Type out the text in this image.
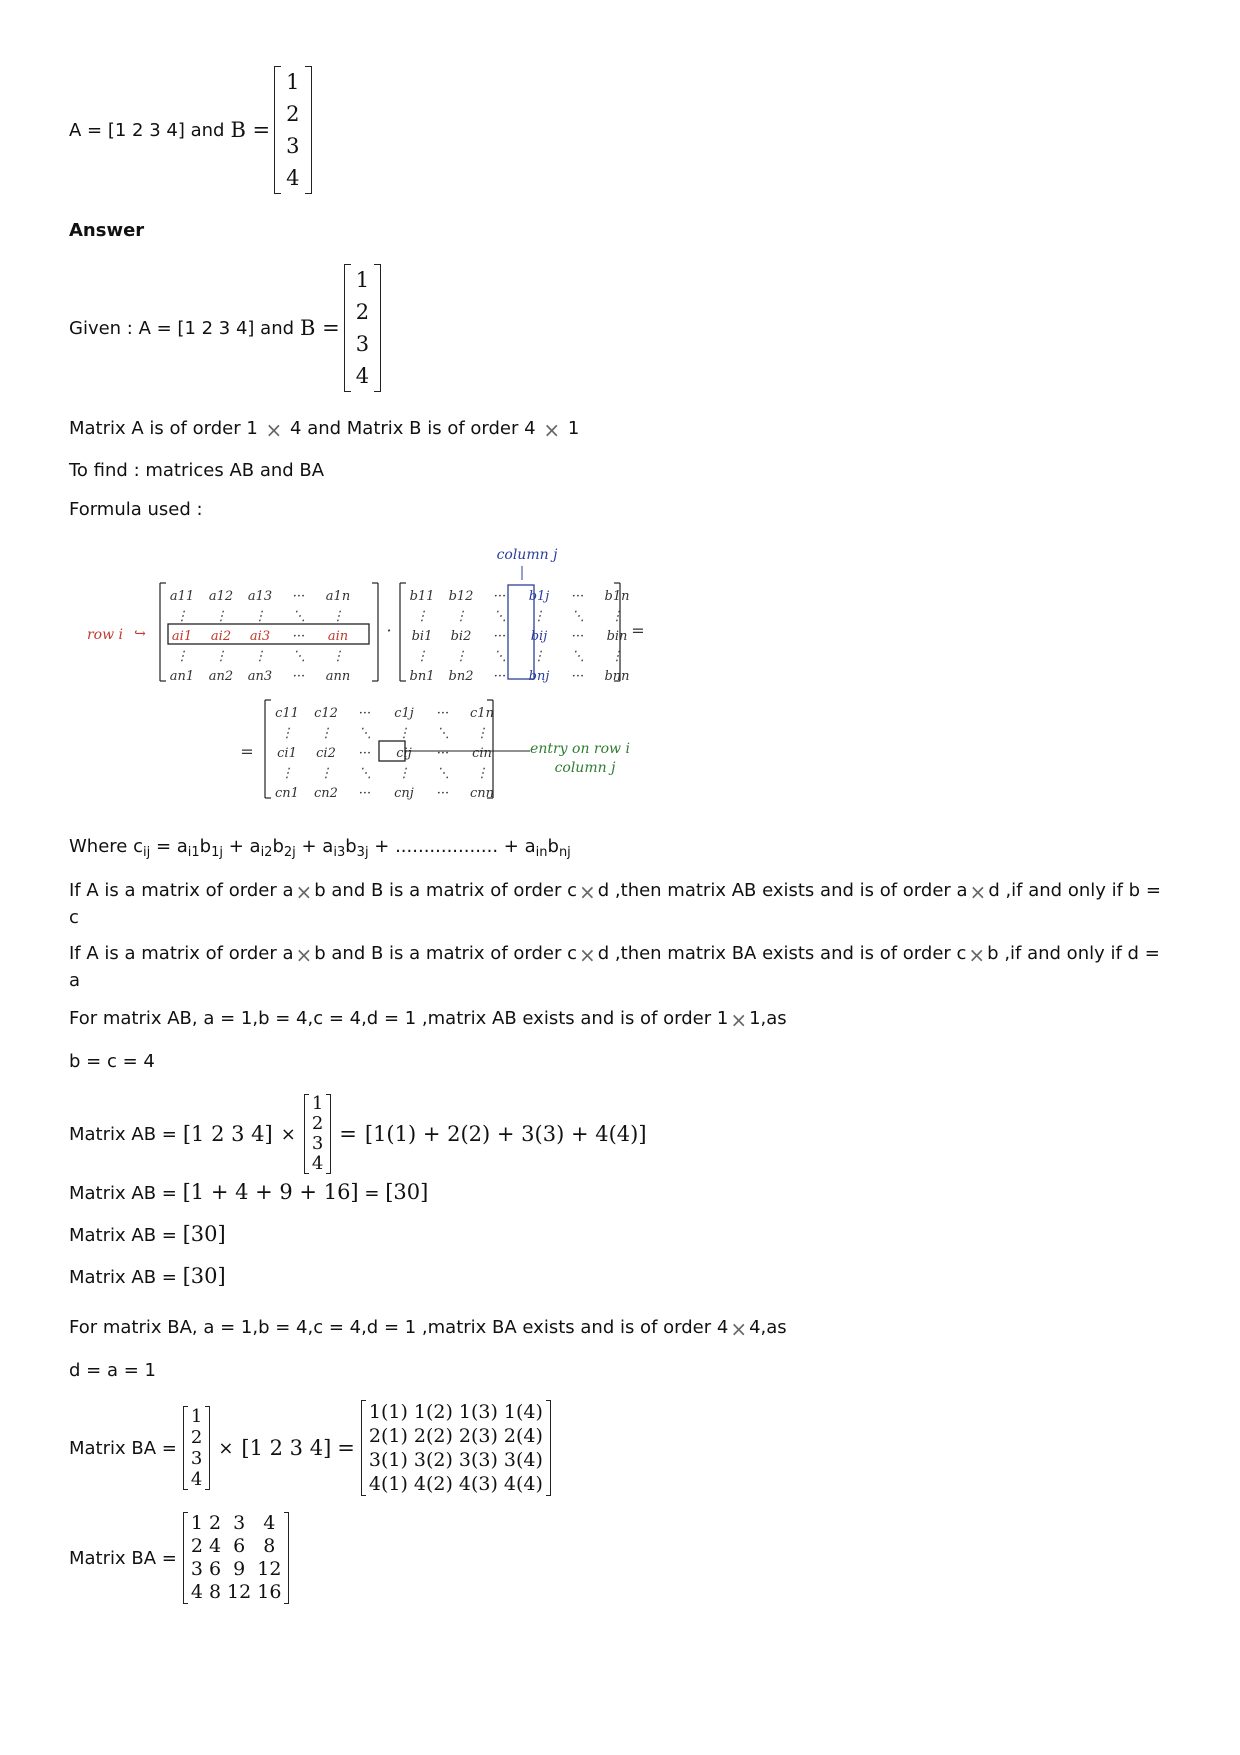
A = [1 2 3 4] and B =
1
2
3
4
Answer
Given : A = [1 2 3 4] and B =
1
2
3
4
Matrix A is of order 1 × 4 and Matrix B is of order 4 × 1
To find : matrices AB and BA
Formula used :
a11 a12 a13 ··· a1n
⋮ ⋮ ⋮ ⋱ ⋮
ai1 ai2 ai3 ··· ain
⋮ ⋮ ⋮ ⋱ ⋮
an1 an2 an3 ··· ann
row i ↪	·
b11 b12 ··· b1j ··· b1n
⋮ ⋮ ⋱ ⋮ ⋱ ⋮
bi1 bi2 ··· bij ··· bin
⋮ ⋮ ⋱ ⋮ ⋱ ⋮
bn1 bn2 ··· bnj ··· bnn
column j
=
c11 c12 ··· c1j ··· c1n
⋮ ⋮ ⋱ ⋮ ⋱ ⋮
ci1 ci2 ··· cij ··· cin
⋮ ⋮ ⋱ ⋮ ⋱ ⋮
cn1 cn2 ··· cnj ··· cnn
=	entry on row i
column j
Where $c_{ij} = a_{i1}b_{1j} + a_{i2}b_{2j} + a_{i3}b_{3j}$ + .................. + $a_{in}b_{nj}$
If A is a matrix of order a × b and B is a matrix of order c × d ,then matrix AB exists and is of order a × d ,if and only if b = c
If A is a matrix of order a × b and B is a matrix of order c × d ,then matrix BA exists and is of order c × b ,if and only if d = a
For matrix AB, a = 1,b = 4,c = 4,d = 1 ,matrix AB exists and is of order 1 × 1,as
b = c = 4
Matrix AB = [1 2 3 4] ×
1
2
3
4
= [1(1) + 2(2) + 3(3) + 4(4)]
Matrix AB = [1 + 4 + 9 + 16] = [30]
Matrix AB = [30]
Matrix AB = [30]
For matrix BA, a = 1,b = 4,c = 4,d = 1 ,matrix BA exists and is of order 4 × 4,as
d = a = 1
Matrix BA =
1
2
3
4
× [1 2 3 4] =
1(1) 1(2) 1(3) 1(4)
2(1) 2(2) 2(3) 2(4)
3(1) 3(2) 3(3) 3(4)
4(1) 4(2) 4(3) 4(4)
Matrix BA =
1 2 3 4
2 4 6 8
3 6 9 12
4 8 12 16
